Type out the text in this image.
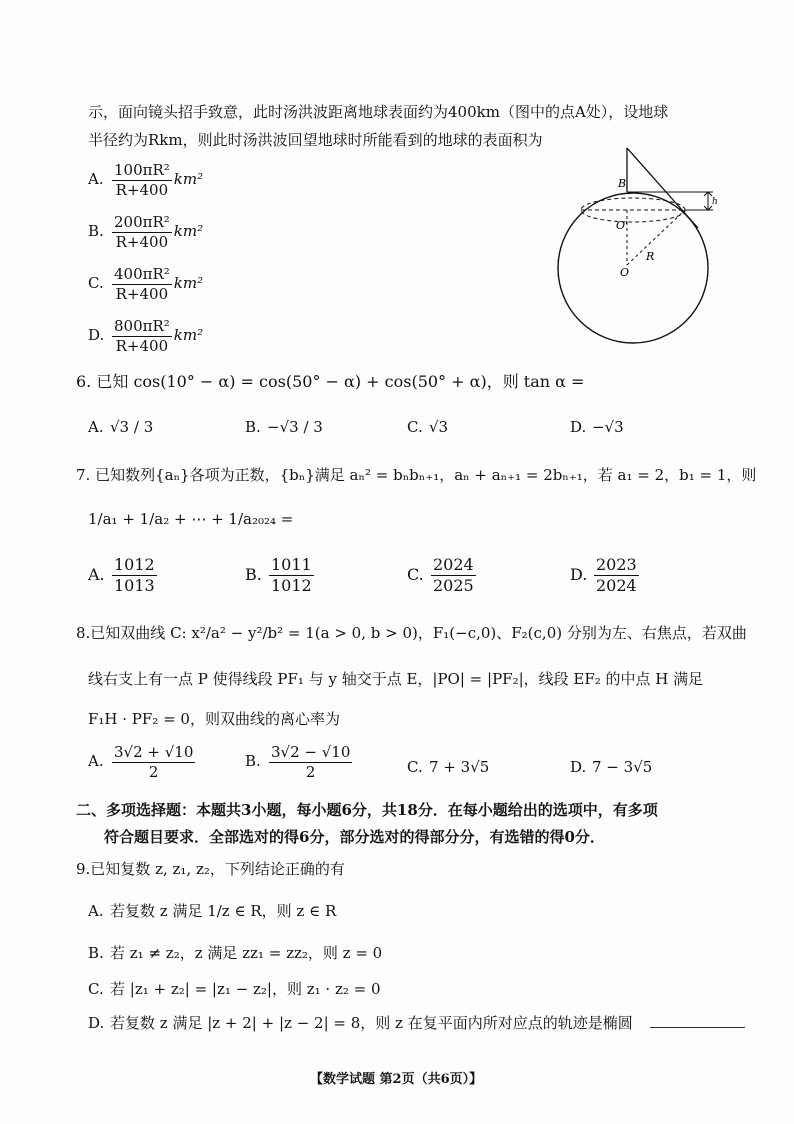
示，面向镜头招手致意，此时汤洪波距离地球表面约为400km（图中的点A处），设地球
半径约为Rkm，则此时汤洪波回望地球时所能看到的地球的表面积为
A. $\frac{\text{100πR²}}{R+400} km^2$
B. $\frac{\text{200πR²}}{R+400} km^2$
C. $\frac{\text{400πR²}}{R+400} km^2$
D. $\frac{\text{800πR²}}{R+400} km^2$
B
O'
O
R
h
6. 已知 cos(10° − α) = cos(50° − α) + cos(50° + α)，则 tan α =
A. √3 / 3	B. −√3 / 3	C. √3	D. −√3
7. 已知数列{aₙ}各项为正数，{bₙ}满足 aₙ² = bₙbₙ₊₁，aₙ + aₙ₊₁ = 2bₙ₊₁，若 a₁ = 2，b₁ = 1，则
1/a₁ + 1/a₂ + ⋯ + 1/a₂₀₂₄ =
A. $\frac{1012}{1013}$	B. $\frac{1011}{1012}$	C. $\frac{2024}{2025}$	D. $\frac{2023}{2024}$
8.已知双曲线 C: x²/a² − y²/b² = 1(a > 0, b > 0)，F₁(−c,0)、F₂(c,0) 分别为左、右焦点，若双曲
线右支上有一点 P 使得线段 PF₁ 与 y 轴交于点 E，|PO| = |PF₂|，线段 EF₂ 的中点 H 满足
F₁H · PF₂ = 0，则双曲线的离心率为
A. $\frac{3√2 + √10}{2}$	B. $\frac{3√2 - √10}{2}$	C. 7 + 3√5	D. 7 − 3√5
二、多项选择题：本题共3小题，每小题6分，共18分．在每小题给出的选项中，有多项
符合题目要求．全部选对的得6分，部分选对的得部分分，有选错的得0分．
9.已知复数 z, z₁, z₂，下列结论正确的有
A. 若复数 z 满足 1/z ∈ R，则 z ∈ R
B. 若 z₁ ≠ z₂，z 满足 zz₁ = zz₂，则 z = 0
C. 若 |z₁ + z₂| = |z₁ − z₂|，则 z₁ · z₂ = 0
D. 若复数 z 满足 |z + 2| + |z − 2| = 8，则 z 在复平面内所对应点的轨迹是椭圆
【数学试题 第2页（共6页）】
